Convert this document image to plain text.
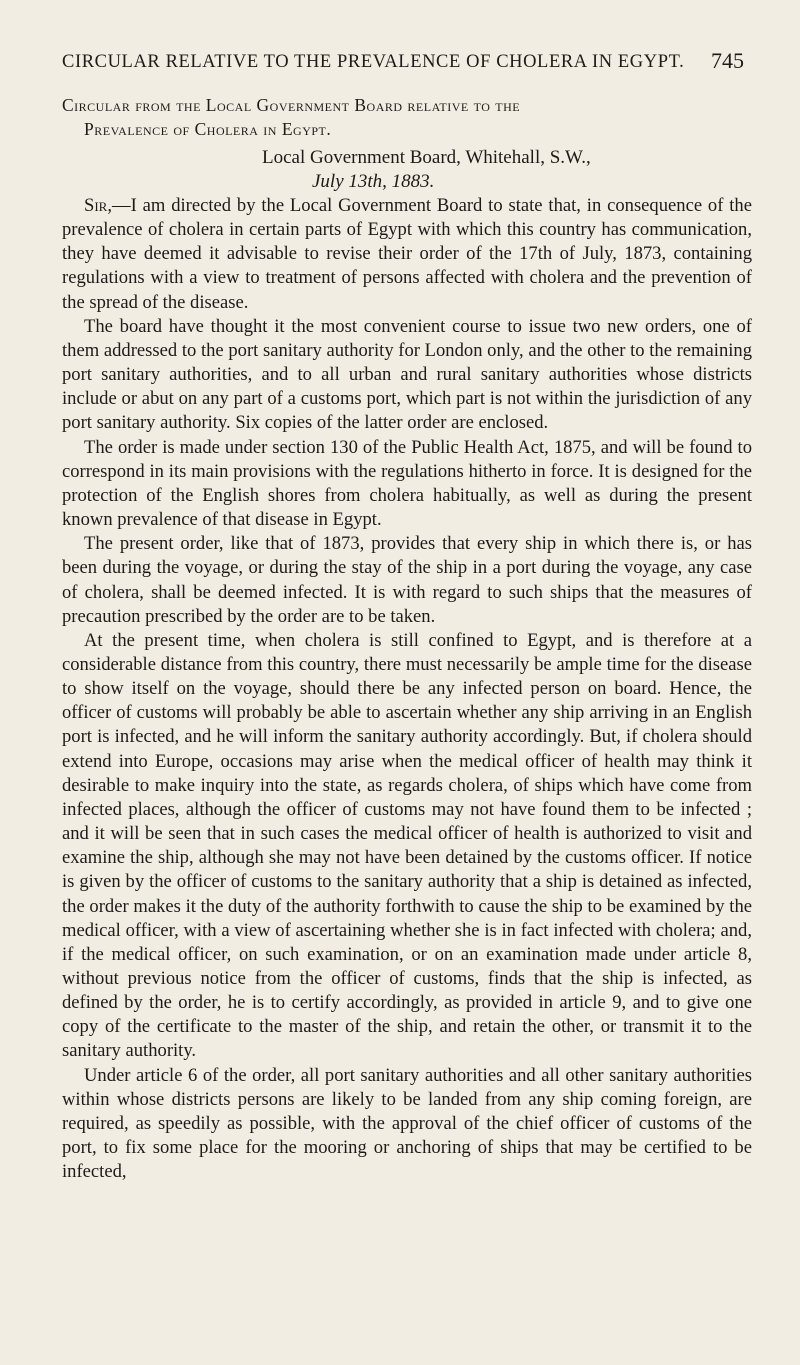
CIRCULAR RELATIVE TO THE PREVALENCE OF CHOLERA IN EGYPT.	745
Circular from the Local Government Board relative to the
Prevalence of Cholera in Egypt.
Local Government Board, Whitehall, S.W.,
July 13th, 1883.

Sir,—I am directed by the Local Government Board to state that, in consequence of the prevalence of cholera in certain parts of Egypt with which this country has communication, they have deemed it advisable to revise their order of the 17th of July, 1873, containing regulations with a view to treatment of persons affected with cholera and the prevention of the spread of the disease.

The board have thought it the most convenient course to issue two new orders, one of them addressed to the port sanitary authority for London only, and the other to the remaining port sanitary authorities, and to all urban and rural sanitary authorities whose districts include or abut on any part of a customs port, which part is not within the jurisdiction of any port sanitary authority. Six copies of the latter order are enclosed.

The order is made under section 130 of the Public Health Act, 1875, and will be found to correspond in its main provisions with the regulations hitherto in force. It is designed for the protection of the English shores from cholera habitually, as well as during the present known prevalence of that disease in Egypt.

The present order, like that of 1873, provides that every ship in which there is, or has been during the voyage, or during the stay of the ship in a port during the voyage, any case of cholera, shall be deemed infected. It is with regard to such ships that the measures of precaution prescribed by the order are to be taken.

At the present time, when cholera is still confined to Egypt, and is therefore at a considerable distance from this country, there must necessarily be ample time for the disease to show itself on the voyage, should there be any infected person on board. Hence, the officer of customs will probably be able to ascertain whether any ship arriving in an English port is infected, and he will inform the sanitary authority accordingly. But, if cholera should extend into Europe, occasions may arise when the medical officer of health may think it desirable to make inquiry into the state, as regards cholera, of ships which have come from infected places, although the officer of customs may not have found them to be infected ; and it will be seen that in such cases the medical officer of health is authorized to visit and examine the ship, although she may not have been detained by the customs officer. If notice is given by the officer of customs to the sanitary authority that a ship is detained as infected, the order makes it the duty of the authority forthwith to cause the ship to be examined by the medical officer, with a view of ascertaining whether she is in fact infected with cholera; and, if the medical officer, on such examination, or on an examination made under article 8, without previous notice from the officer of customs, finds that the ship is infected, as defined by the order, he is to certify accordingly, as provided in article 9, and to give one copy of the certificate to the master of the ship, and retain the other, or transmit it to the sanitary authority.

Under article 6 of the order, all port sanitary authorities and all other sanitary authorities within whose districts persons are likely to be landed from any ship coming foreign, are required, as speedily as possible, with the approval of the chief officer of customs of the port, to fix some place for the mooring or anchoring of ships that may be certified to be infected,
